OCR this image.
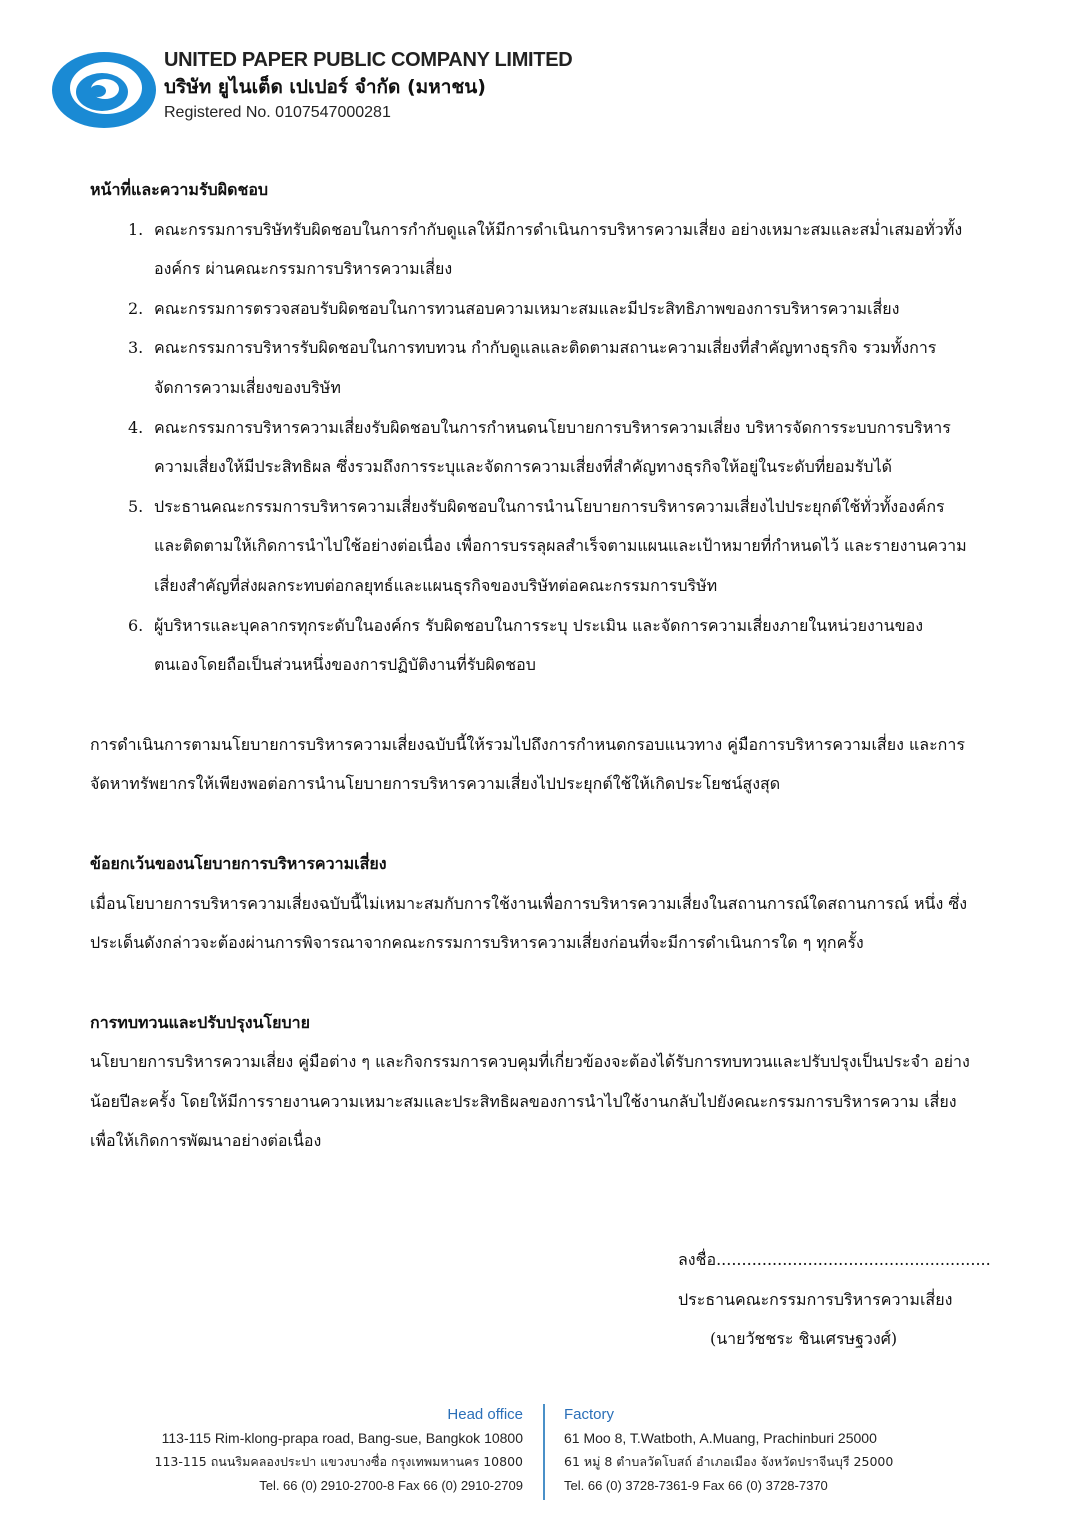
UNITED PAPER PUBLIC COMPANY LIMITED
บริษัท ยูไนเต็ด เปเปอร์ จำกัด (มหาชน)
Registered No. 0107547000281

หน้าที่และความรับผิดชอบ

1. คณะกรรมการบริษัทรับผิดชอบในการกำกับดูแลให้มีการดำเนินการบริหารความเสี่ยง อย่างเหมาะสมและสม่ำเสมอทั่วทั้ง องค์กร ผ่านคณะกรรมการบริหารความเสี่ยง
2. คณะกรรมการตรวจสอบรับผิดชอบในการทวนสอบความเหมาะสมและมีประสิทธิภาพของการบริหารความเสี่ยง
3. คณะกรรมการบริหารรับผิดชอบในการทบทวน กำกับดูแลและติดตามสถานะความเสี่ยงที่สำคัญทางธุรกิจ รวมทั้งการ จัดการความเสี่ยงของบริษัท
4. คณะกรรมการบริหารความเสี่ยงรับผิดชอบในการกำหนดนโยบายการบริหารความเสี่ยง บริหารจัดการระบบการบริหาร ความเสี่ยงให้มีประสิทธิผล ซึ่งรวมถึงการระบุและจัดการความเสี่ยงที่สำคัญทางธุรกิจให้อยู่ในระดับที่ยอมรับได้
5. ประธานคณะกรรมการบริหารความเสี่ยงรับผิดชอบในการนำนโยบายการบริหารความเสี่ยงไปประยุกต์ใช้ทั่วทั้งองค์กร และติดตามให้เกิดการนำไปใช้อย่างต่อเนื่อง เพื่อการบรรลุผลสำเร็จตามแผนและเป้าหมายที่กำหนดไว้ และรายงานความ เสี่ยงสำคัญที่ส่งผลกระทบต่อกลยุทธ์และแผนธุรกิจของบริษัทต่อคณะกรรมการบริษัท
6. ผู้บริหารและบุคลากรทุกระดับในองค์กร รับผิดชอบในการระบุ ประเมิน และจัดการความเสี่ยงภายในหน่วยงานของ ตนเองโดยถือเป็นส่วนหนึ่งของการปฏิบัติงานที่รับผิดชอบ

การดำเนินการตามนโยบายการบริหารความเสี่ยงฉบับนี้ให้รวมไปถึงการกำหนดกรอบแนวทาง คู่มือการบริหารความเสี่ยง และการจัดหาทรัพยากรให้เพียงพอต่อการนำนโยบายการบริหารความเสี่ยงไปประยุกต์ใช้ให้เกิดประโยชน์สูงสุด

ข้อยกเว้นของนโยบายการบริหารความเสี่ยง

เมื่อนโยบายการบริหารความเสี่ยงฉบับนี้ไม่เหมาะสมกับการใช้งานเพื่อการบริหารความเสี่ยงในสถานการณ์ใดสถานการณ์ หนึ่ง ซึ่งประเด็นดังกล่าวจะต้องผ่านการพิจารณาจากคณะกรรมการบริหารความเสี่ยงก่อนที่จะมีการดำเนินการใด ๆ ทุกครั้ง

การทบทวนและปรับปรุงนโยบาย

นโยบายการบริหารความเสี่ยง คู่มือต่าง ๆ และกิจกรรมการควบคุมที่เกี่ยวข้องจะต้องได้รับการทบทวนและปรับปรุงเป็นประจำ อย่างน้อยปีละครั้ง โดยให้มีการรายงานความเหมาะสมและประสิทธิผลของการนำไปใช้งานกลับไปยังคณะกรรมการบริหารความ เสี่ยงเพื่อให้เกิดการพัฒนาอย่างต่อเนื่อง

ลงชื่อ......................................................
ประธานคณะกรรมการบริหารความเสี่ยง
(นายวัชชระ ชินเศรษฐวงศ์)
Head office
113-115 Rim-klong-prapa road, Bang-sue, Bangkok 10800
113-115 ถนนริมคลองประปา แขวงบางซื่อ กรุงเทพมหานคร 10800
Tel. 66 (0) 2910-2700-8 Fax 66 (0) 2910-2709
Factory
61 Moo 8, T.Watboth, A.Muang, Prachinburi 25000
61 หมู่ 8 ตำบลวัดโบสถ์ อำเภอเมือง จังหวัดปราจีนบุรี 25000
Tel. 66 (0) 3728-7361-9 Fax 66 (0) 3728-7370
